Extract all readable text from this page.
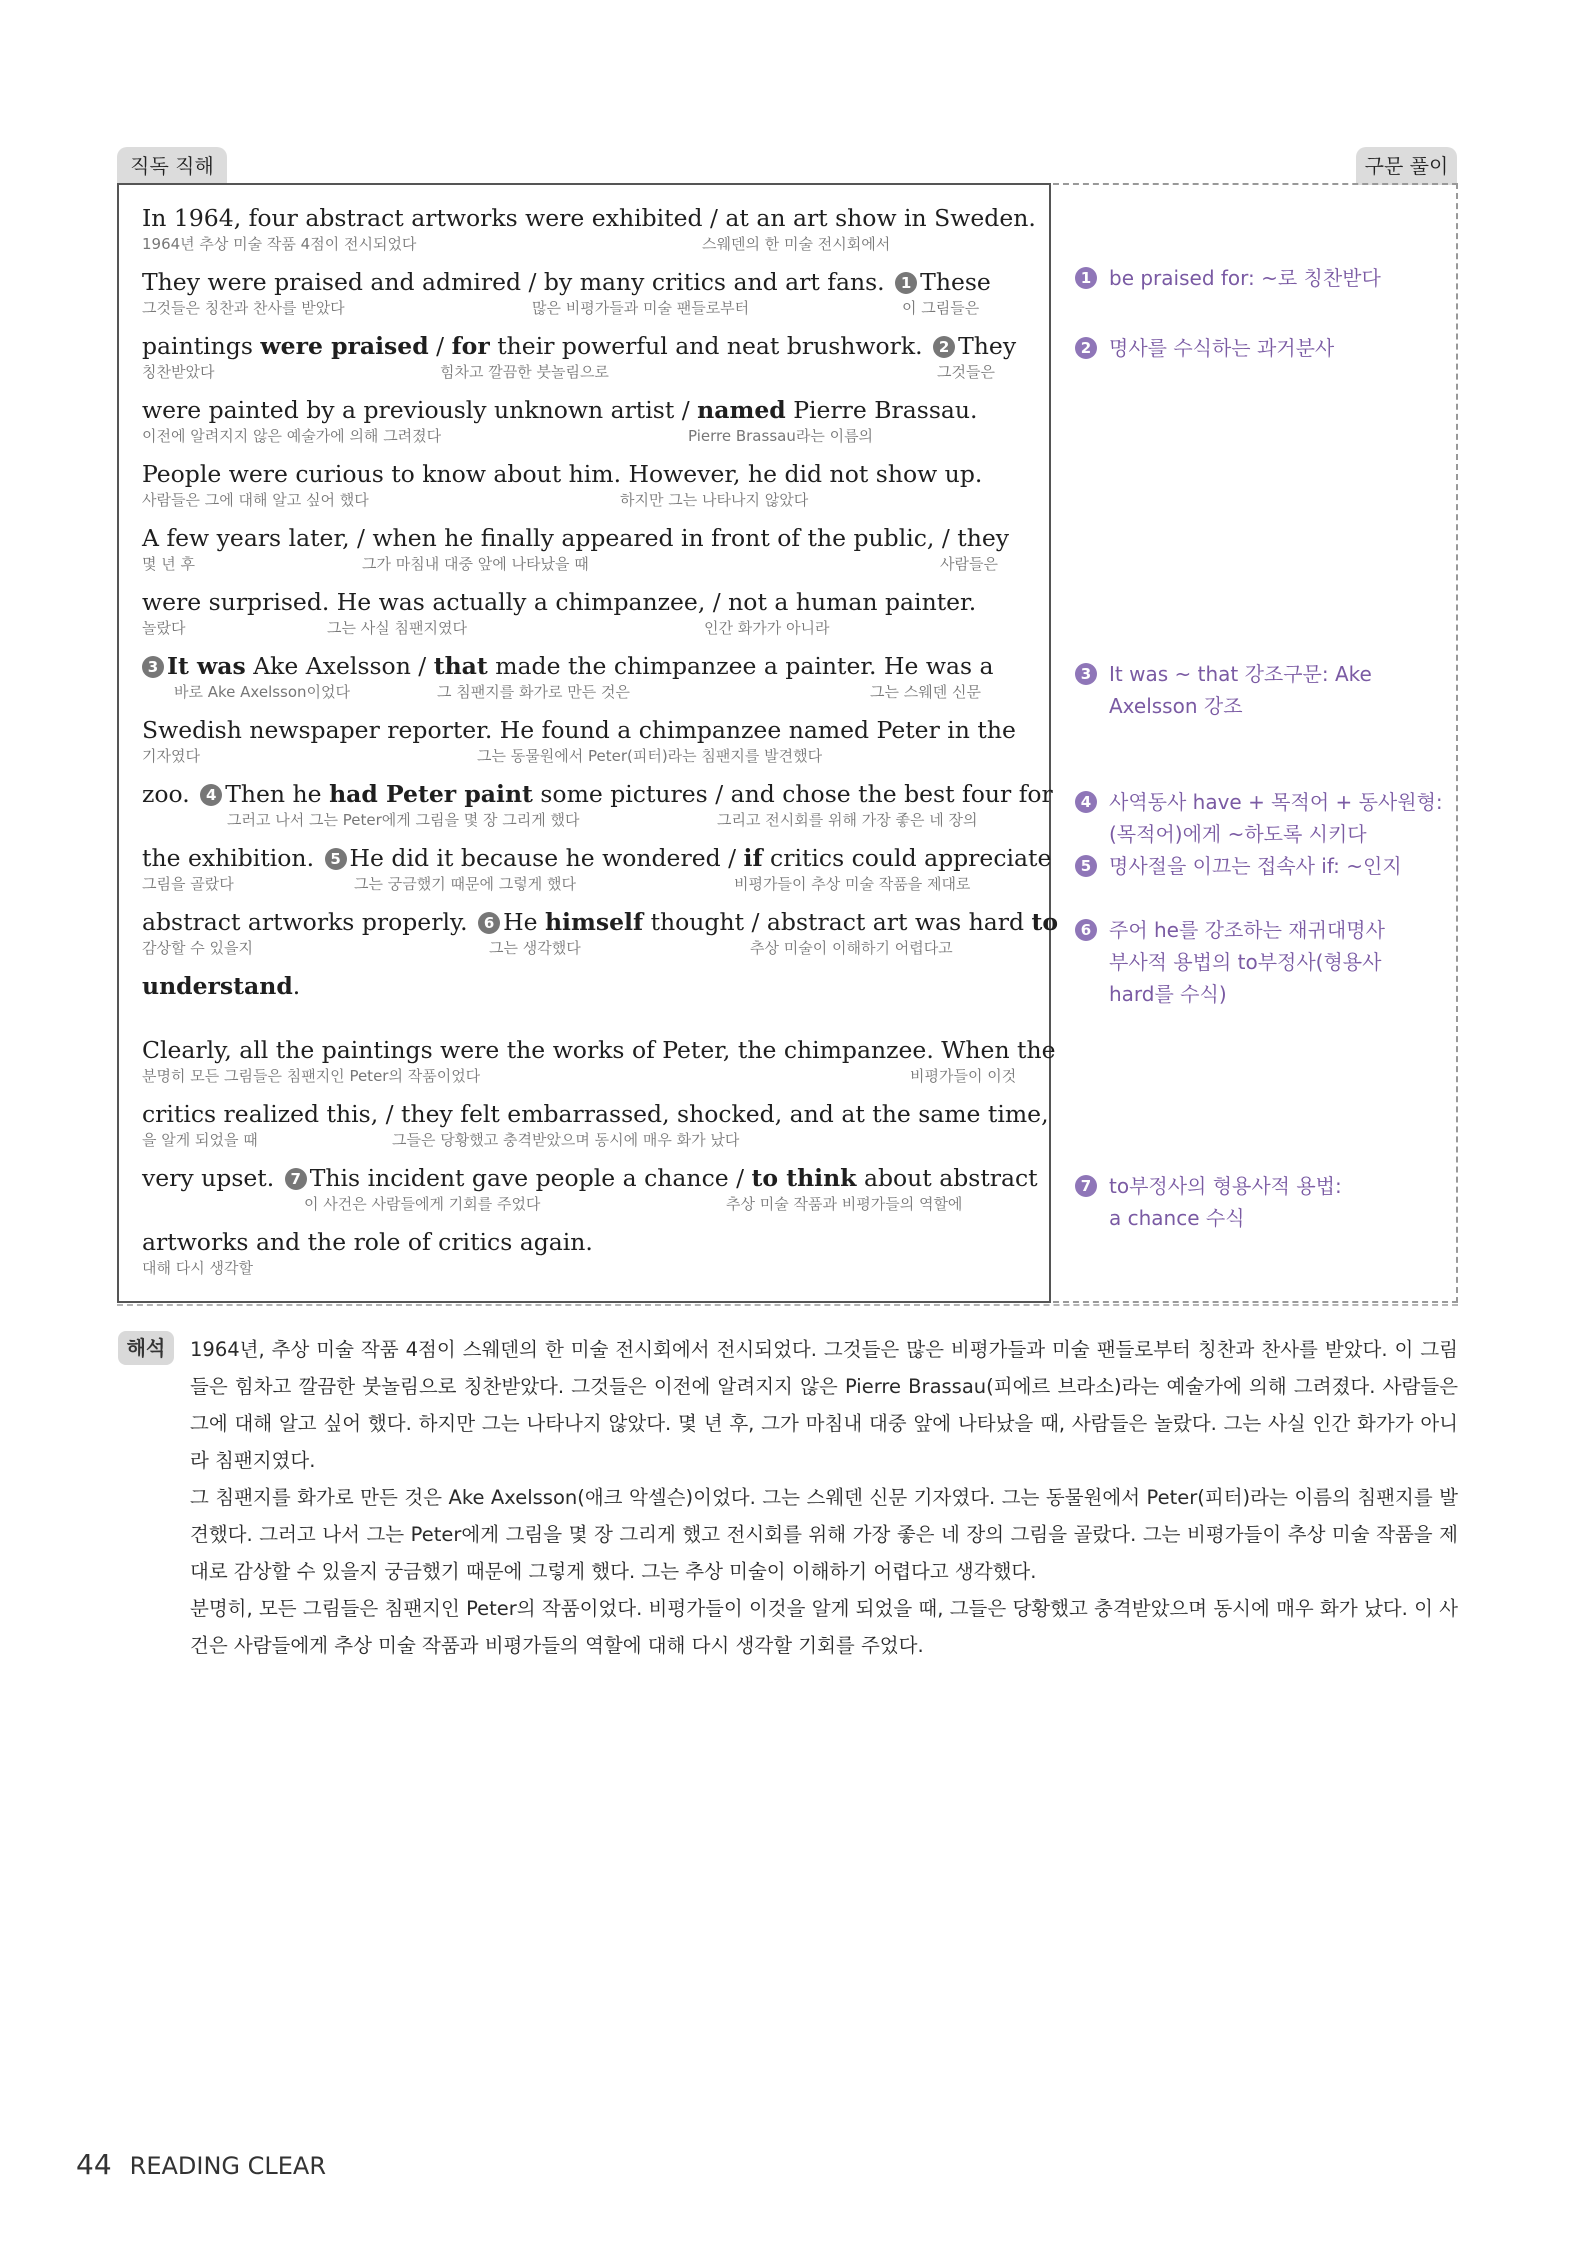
직독 직해	구문 풀이
In 1964, four abstract artworks were exhibited / at an art show in Sweden.
1964년 추상 미술 작품 4점이 전시되었다	스웨덴의 한 미술 전시회에서
They were praised and admired / by many critics and art fans. 1 These
그것들은 칭찬과 찬사를 받았다	많은 비평가들과 미술 팬들로부터	이 그림들은
paintings were praised / for their powerful and neat brushwork. 2 They
칭찬받았다	힘차고 깔끔한 붓놀림으로	그것들은
were painted by a previously unknown artist / named Pierre Brassau.
이전에 알려지지 않은 예술가에 의해 그려졌다	Pierre Brassau라는 이름의
People were curious to know about him. However, he did not show up.
사람들은 그에 대해 알고 싶어 했다	하지만 그는 나타나지 않았다
A few years later, / when he finally appeared in front of the public, / they
몇 년 후	그가 마침내 대중 앞에 나타났을 때	사람들은
were surprised. He was actually a chimpanzee, / not a human painter.
놀랐다	그는 사실 침팬지였다	인간 화가가 아니라
3 It was Ake Axelsson / that made the chimpanzee a painter. He was a
바로 Ake Axelsson이었다	그 침팬지를 화가로 만든 것은	그는 스웨덴 신문
Swedish newspaper reporter. He found a chimpanzee named Peter in the
기자였다	그는 동물원에서 Peter(피터)라는 침팬지를 발견했다
zoo. 4 Then he had Peter paint some pictures / and chose the best four for
그러고 나서 그는 Peter에게 그림을 몇 장 그리게 했다	그리고 전시회를 위해 가장 좋은 네 장의
the exhibition. 5 He did it because he wondered / if critics could appreciate
그림을 골랐다	그는 궁금했기 때문에 그렇게 했다	비평가들이 추상 미술 작품을 제대로
abstract artworks properly. 6 He himself thought / abstract art was hard to
감상할 수 있을지	그는 생각했다	추상 미술이 이해하기 어렵다고
understand.
Clearly, all the paintings were the works of Peter, the chimpanzee. When the
분명히 모든 그림들은 침팬지인 Peter의 작품이었다	비평가들이 이것
critics realized this, / they felt embarrassed, shocked, and at the same time,
을 알게 되었을 때	그들은 당황했고 충격받았으며 동시에 매우 화가 났다
very upset. 7 This incident gave people a chance / to think about abstract
이 사건은 사람들에게 기회를 주었다	추상 미술 작품과 비평가들의 역할에
artworks and the role of critics again.
대해 다시 생각할
1 be praised for: ~로 칭찬받다
2 명사를 수식하는 과거분사
3 It was ~ that 강조구문: Ake
Axelsson 강조
4 사역동사 have + 목적어 + 동사원형:
(목적어)에게 ~하도록 시키다
5 명사절을 이끄는 접속사 if: ~인지
6 주어 he를 강조하는 재귀대명사
부사적 용법의 to부정사(형용사
hard를 수식)
7 to부정사의 형용사적 용법:
a chance 수식
해석	1964년, 추상 미술 작품 4점이 스웨덴의 한 미술 전시회에서 전시되었다. 그것들은 많은 비평가들과 미술 팬들로부터 칭찬과 찬사를 받았다. 이 그림들은 힘차고 깔끔한 붓놀림으로 칭찬받았다. 그것들은 이전에 알려지지 않은 Pierre Brassau(피에르 브라소)라는 예술가에 의해 그려졌다. 사람들은 그에 대해 알고 싶어 했다. 하지만 그는 나타나지 않았다. 몇 년 후, 그가 마침내 대중 앞에 나타났을 때, 사람들은 놀랐다. 그는 사실 인간 화가가 아니라 침팬지였다.

그 침팬지를 화가로 만든 것은 Ake Axelsson(애크 악셀슨)이었다. 그는 스웨덴 신문 기자였다. 그는 동물원에서 Peter(피터)라는 이름의 침팬지를 발견했다. 그러고 나서 그는 Peter에게 그림을 몇 장 그리게 했고 전시회를 위해 가장 좋은 네 장의 그림을 골랐다. 그는 비평가들이 추상 미술 작품을 제대로 감상할 수 있을지 궁금했기 때문에 그렇게 했다. 그는 추상 미술이 이해하기 어렵다고 생각했다.

분명히, 모든 그림들은 침팬지인 Peter의 작품이었다. 비평가들이 이것을 알게 되었을 때, 그들은 당황했고 충격받았으며 동시에 매우 화가 났다. 이 사건은 사람들에게 추상 미술 작품과 비평가들의 역할에 대해 다시 생각할 기회를 주었다.

44 READING CLEAR
